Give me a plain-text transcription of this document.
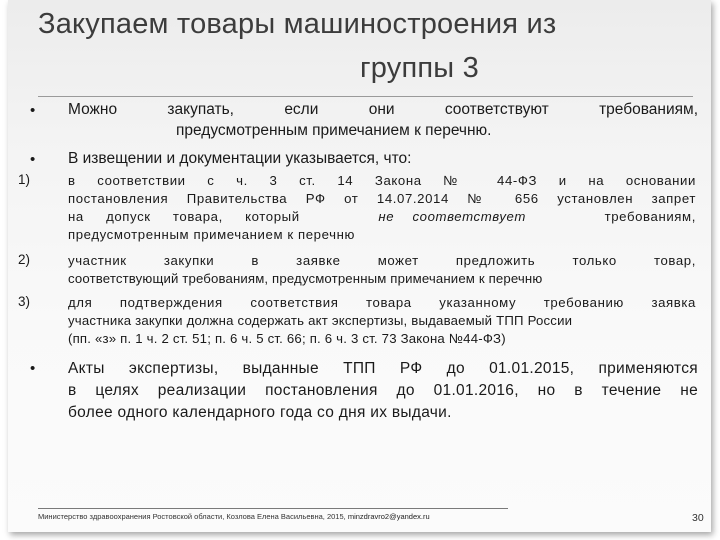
Закупаем товары машиностроения из
группы 3
• Можно	закупать,	если	они	соответствуют	требованиям,
предусмотренным примечанием к перечню.
• В извещении и документации указывается, что:
1)	в соответствии с ч. 3 ст. 14 Закона № 44-ФЗ и на основании
постановления Правительства РФ от 14.07.2014 № 656 установлен запрет
на допуск товара, который	не соответствует	требованиям,
предусмотренным примечанием к перечню
2)	участник закупки в заявке может предложить только товар,
соответствующий требованиям, предусмотренным примечанием к перечню
3)	для подтверждения соответствия товара указанному требованию заявка
участника закупки должна содержать акт экспертизы, выдаваемый ТПП России
(пп. «з» п. 1 ч. 2 ст. 51; п. 6 ч. 5 ст. 66; п. 6 ч. 3 ст. 73 Закона №44-ФЗ)
• Акты экспертизы, выданные ТПП РФ до 01.01.2015, применяются
в целях реализации постановления до 01.01.2016, но в течение не
более одного календарного года со дня их выдачи.
Министерство здравоохранения Ростовской области, Козлова Елена Васильевна, 2015, minzdravro2@yandex.ru	30
